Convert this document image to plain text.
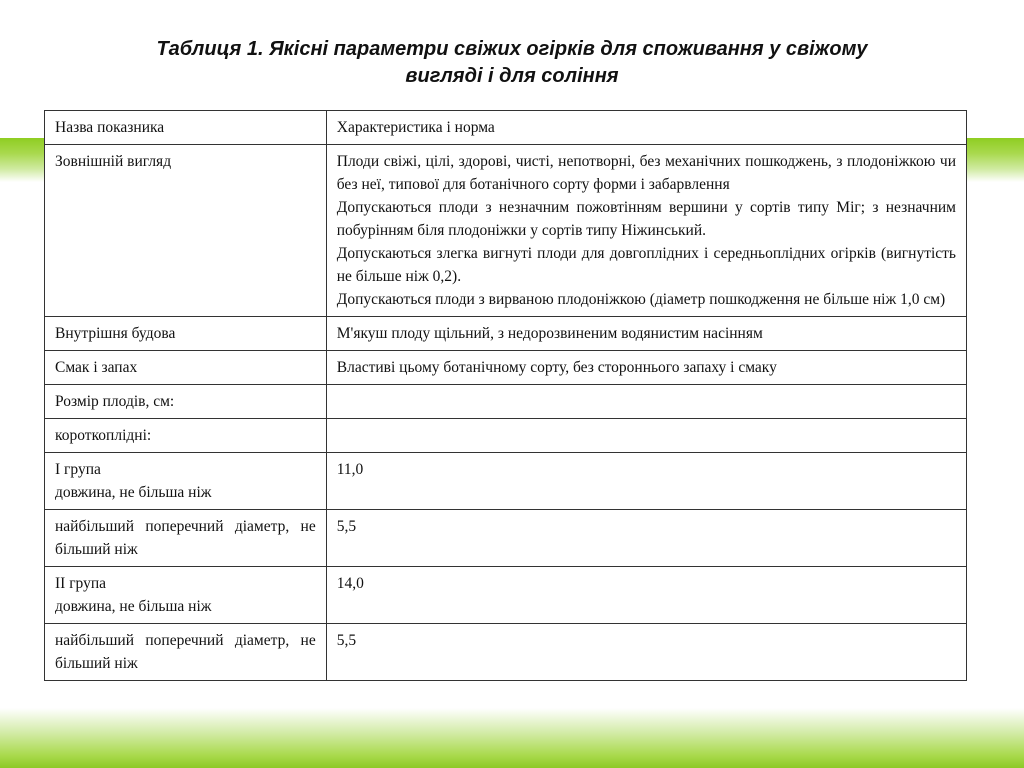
Таблиця 1. Якісні параметри свіжих огірків для споживання у свіжому
вигляді і для соління
Назва показника	Характеристика і норма
Зовнішній вигляд	Плоди свіжі, цілі, здорові, чисті, непотворні, без механічних пошкоджень, з плодоніжкою чи без неї, типової для ботанічного сорту форми і забарвлення
Допускаються плоди з незначним пожовтінням вершини у сортів типу Міг; з незначним побурінням біля плодоніжки у сортів типу Ніжинський.
Допускаються злегка вигнуті плоди для довгоплідних і середньоплідних огірків (вигнутість не більше ніж 0,2).
Допускаються плоди з вирваною плодоніжкою (діаметр пошкодження не більше ніж 1,0 см)

Внутрішня будова	М'якуш плоду щільний, з недорозвиненим водянистим насінням
Смак і запах	Властиві цьому ботанічному сорту, без стороннього запаху і смаку
Розмір плодів, см:	
короткоплідні:	

I група
довжина, не більша ніж	11,0
найбільший поперечний діаметр, не більший ніж	5,5

II група
довжина, не більша ніж	14,0
найбільший поперечний діаметр, не більший ніж	5,5
